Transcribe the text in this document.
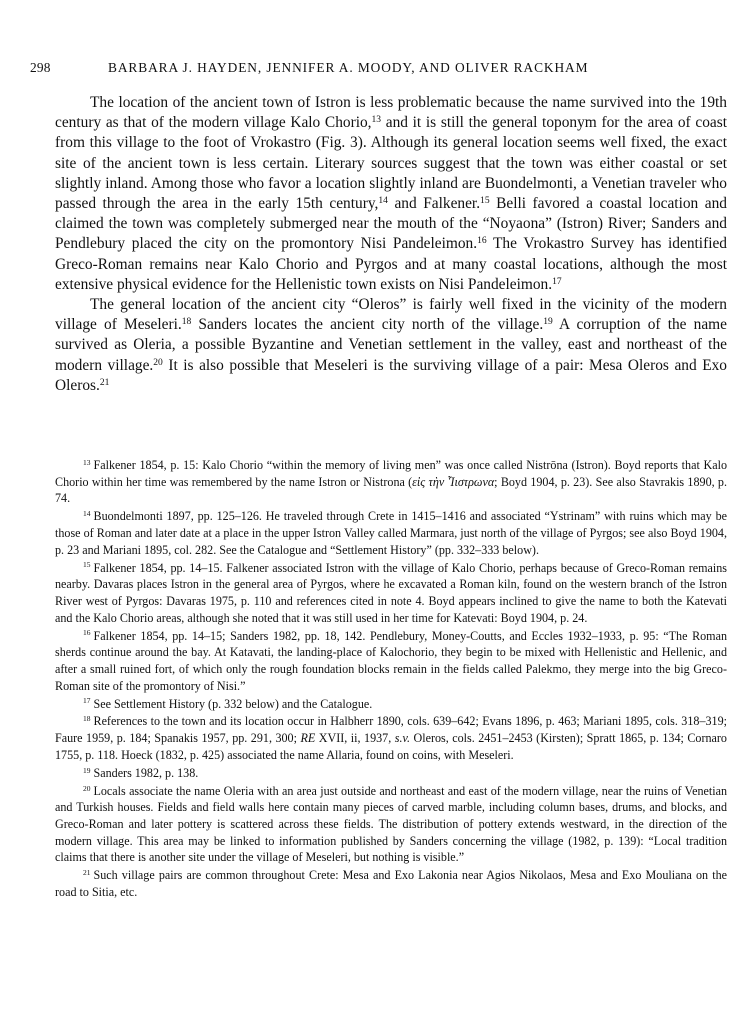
298	BARBARA J. HAYDEN, JENNIFER A. MOODY, AND OLIVER RACKHAM

The location of the ancient town of Istron is less problematic because the name survived into the 19th century as that of the modern village Kalo Chorio,$^{13}$ and it is still the general toponym for the area of coast from this village to the foot of Vrokastro (Fig. 3). Although its general location seems well fixed, the exact site of the ancient town is less certain. Literary sources suggest that the town was either coastal or set slightly inland. Among those who favor a location slightly inland are Buondelmonti, a Venetian traveler who passed through the area in the early 15th century,$^{14}$ and Falkener.$^{15}$ Belli favored a coastal location and claimed the town was completely submerged near the mouth of the “Noyaona” (Istron) River; Sanders and Pendlebury placed the city on the promontory Nisi Pandeleimon.$^{16}$ The Vrokastro Survey has identified Greco-Roman remains near Kalo Chorio and Pyrgos and at many coastal locations, although the most extensive physical evidence for the Hellenistic town exists on Nisi Pandeleimon.$^{17}$

The general location of the ancient city “Oleros” is fairly well fixed in the vicinity of the modern village of Meseleri.$^{18}$ Sanders locates the ancient city north of the village.$^{19}$ A corruption of the name survived as Oleria, a possible Byzantine and Venetian settlement in the valley, east and northeast of the modern village.$^{20}$ It is also possible that Meseleri is the surviving village of a pair: Mesa Oleros and Exo Oleros.$^{21}$

$^{13}$ Falkener 1854, p. 15: Kalo Chorio “within the memory of living men” was once called Nistrōna (Istron). Boyd reports that Kalo Chorio within her time was remembered by the name Istron or Nistrona (εἰς τὴν Ἷιστρωνα; Boyd 1904, p. 23). See also Stavrakis 1890, p. 74.

$^{14}$ Buondelmonti 1897, pp. 125–126. He traveled through Crete in 1415–1416 and associated “Ystrinam” with ruins which may be those of Roman and later date at a place in the upper Istron Valley called Marmara, just north of the village of Pyrgos; see also Boyd 1904, p. 23 and Mariani 1895, col. 282. See the Catalogue and “Settlement History” (pp. 332–333 below).

$^{15}$ Falkener 1854, pp. 14–15. Falkener associated Istron with the village of Kalo Chorio, perhaps because of Greco-Roman remains nearby. Davaras places Istron in the general area of Pyrgos, where he excavated a Roman kiln, found on the western branch of the Istron River west of Pyrgos: Davaras 1975, p. 110 and references cited in note 4. Boyd appears inclined to give the name to both the Katevati and the Kalo Chorio areas, although she noted that it was still used in her time for Katevati: Boyd 1904, p. 24.

$^{16}$ Falkener 1854, pp. 14–15; Sanders 1982, pp. 18, 142. Pendlebury, Money-Coutts, and Eccles 1932–1933, p. 95: “The Roman sherds continue around the bay. At Katavati, the landing-place of Kalochorio, they begin to be mixed with Hellenistic and Hellenic, and after a small ruined fort, of which only the rough foundation blocks remain in the fields called Palekmo, they merge into the big Greco-Roman site of the promontory of Nisi.”

$^{17}$ See Settlement History (p. 332 below) and the Catalogue.

$^{18}$ References to the town and its location occur in Halbherr 1890, cols. 639–642; Evans 1896, p. 463; Mariani 1895, cols. 318–319; Faure 1959, p. 184; Spanakis 1957, pp. 291, 300; RE XVII, ii, 1937, s.v. Oleros, cols. 2451–2453 (Kirsten); Spratt 1865, p. 134; Cornaro 1755, p. 118. Hoeck (1832, p. 425) associated the name Allaria, found on coins, with Meseleri.

$^{19}$ Sanders 1982, p. 138.

$^{20}$ Locals associate the name Oleria with an area just outside and northeast and east of the modern village, near the ruins of Venetian and Turkish houses. Fields and field walls here contain many pieces of carved marble, including column bases, drums, and blocks, and Greco-Roman and later pottery is scattered across these fields. The distribution of pottery extends westward, in the direction of the modern village. This area may be linked to information published by Sanders concerning the village (1982, p. 139): “Local tradition claims that there is another site under the village of Meseleri, but nothing is visible.”

$^{21}$ Such village pairs are common throughout Crete: Mesa and Exo Lakonia near Agios Nikolaos, Mesa and Exo Mouliana on the road to Sitia, etc.
